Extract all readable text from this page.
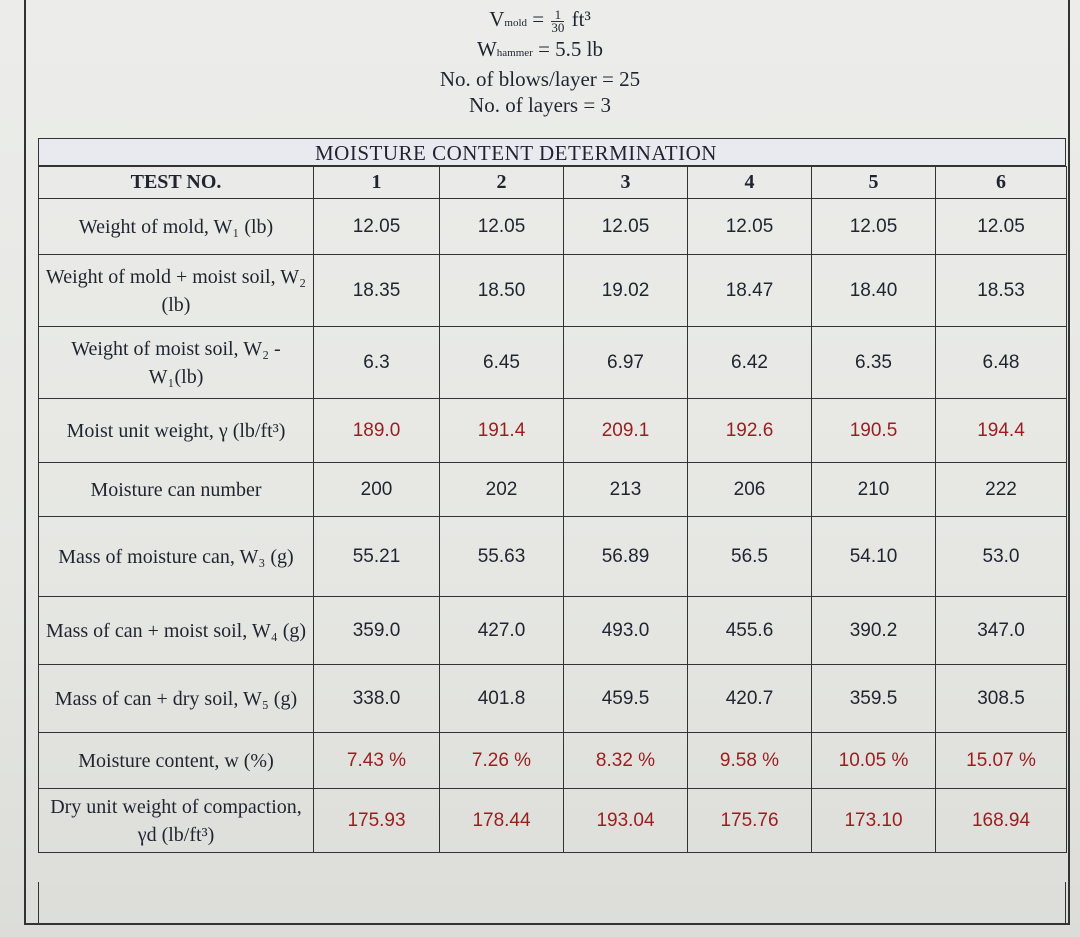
Vmold = $\frac{1}{30} ft^3$
Whammer = 5.5 lb
No. of blows/layer = 25
No. of layers = 3
MOISTURE CONTENT DETERMINATION
TEST NO.	1	2	3	4	5	6
Weight of mold, W₁ (lb)	12.05	12.05	12.05	12.05	12.05	12.05
Weight of mold + moist soil, W₂ (lb)	18.35	18.50	19.02	18.47	18.40	18.53
Weight of moist soil, W₂ - W₁(lb)	6.3	6.45	6.97	6.42	6.35	6.48
Moist unit weight, γ (lb/ft³)	189.0	191.4	209.1	192.6	190.5	194.4
Moisture can number	200	202	213	206	210	222
Mass of moisture can, W₃ (g)	55.21	55.63	56.89	56.5	54.10	53.0
Mass of can + moist soil, W₄ (g)	359.0	427.0	493.0	455.6	390.2	347.0
Mass of can + dry soil, W₅ (g)	338.0	401.8	459.5	420.7	359.5	308.5
Moisture content, w (%)	7.43 %	7.26 %	8.32 %	9.58 %	10.05 %	15.07 %
Dry unit weight of compaction, γd (lb/ft³)	175.93	178.44	193.04	175.76	173.10	168.94
